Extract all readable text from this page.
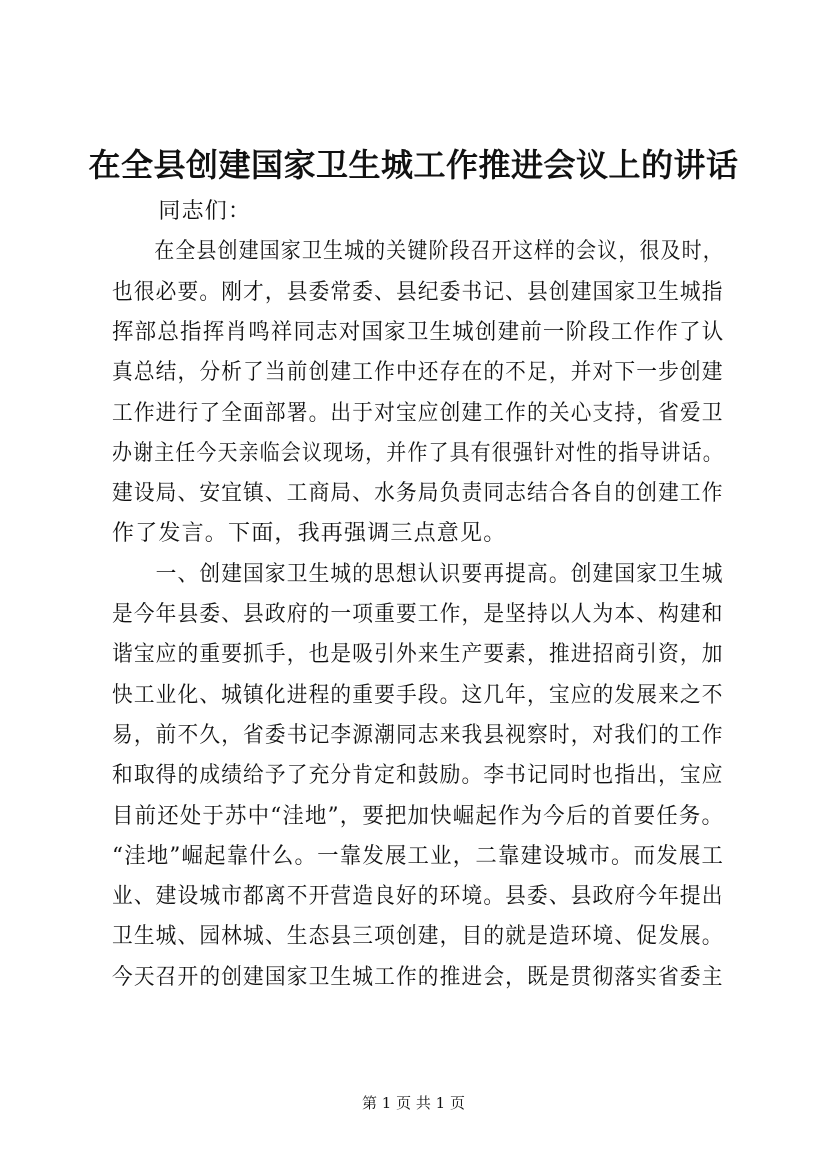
在全县创建国家卫生城工作推进会议上的讲话
　　同志们：
　　在全县创建国家卫生城的关键阶段召开这样的会议，很及时，
也很必要。刚才，县委常委、县纪委书记、县创建国家卫生城指
挥部总指挥肖鸣祥同志对国家卫生城创建前一阶段工作作了认
真总结，分析了当前创建工作中还存在的不足，并对下一步创建
工作进行了全面部署。出于对宝应创建工作的关心支持，省爱卫
办谢主任今天亲临会议现场，并作了具有很强针对性的指导讲话。
建设局、安宜镇、工商局、水务局负责同志结合各自的创建工作
作了发言。下面，我再强调三点意见。
　　一、创建国家卫生城的思想认识要再提高。创建国家卫生城
是今年县委、县政府的一项重要工作，是坚持以人为本、构建和
谐宝应的重要抓手，也是吸引外来生产要素，推进招商引资，加
快工业化、城镇化进程的重要手段。这几年，宝应的发展来之不
易，前不久，省委书记李源潮同志来我县视察时，对我们的工作
和取得的成绩给予了充分肯定和鼓励。李书记同时也指出，宝应
目前还处于苏中“洼地”，要把加快崛起作为今后的首要任务。
“洼地”崛起靠什么。一靠发展工业，二靠建设城市。而发展工
业、建设城市都离不开营造良好的环境。县委、县政府今年提出
卫生城、园林城、生态县三项创建，目的就是造环境、促发展。
今天召开的创建国家卫生城工作的推进会，既是贯彻落实省委主
第 1 页 共 1 页
